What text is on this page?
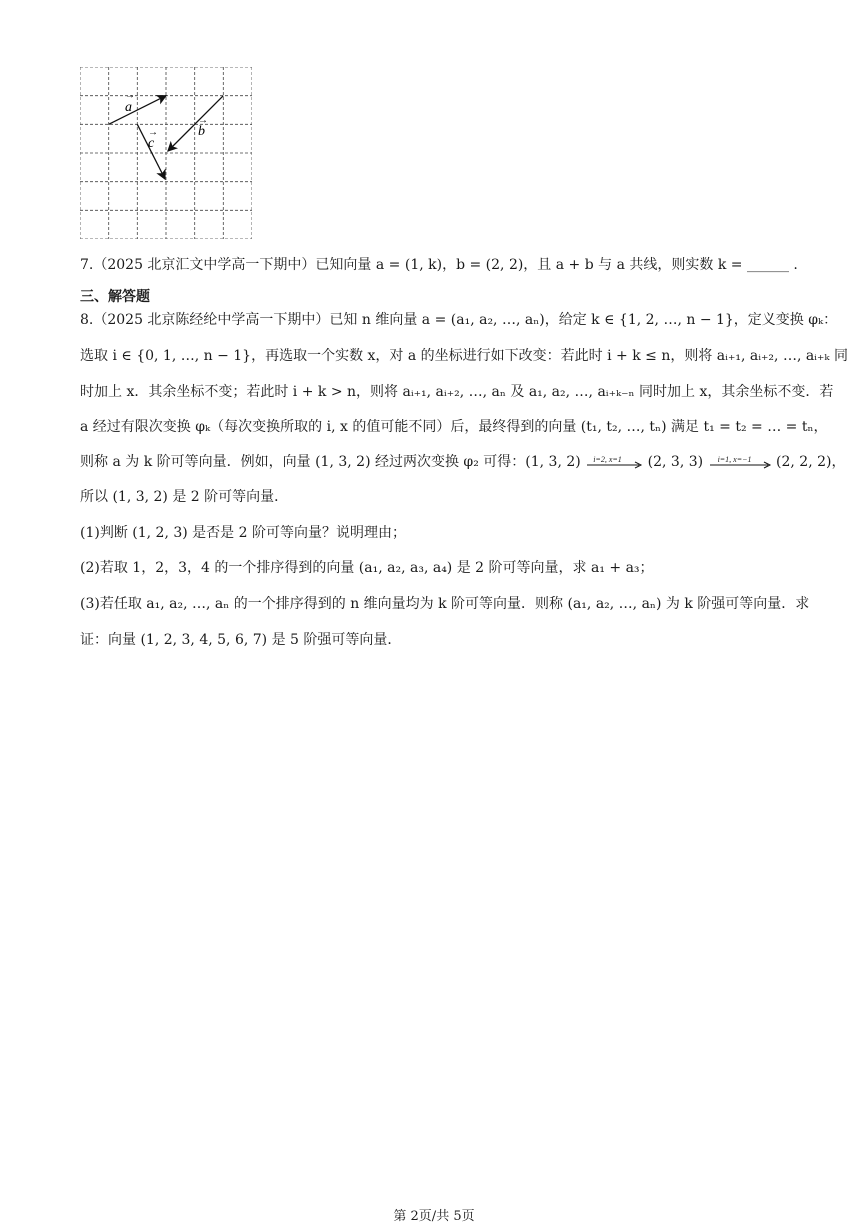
a
→
b
→
c
→
7.（2025 北京汇文中学高一下期中）已知向量 a = (1, k)，b = (2, 2)，且 a + b 与 a 共线，则实数 k = ______ .
三、解答题
8.（2025 北京陈经纶中学高一下期中）已知 n 维向量 a = (a₁, a₂, …, aₙ)，给定 k ∈ {1, 2, …, n − 1}，定义变换 φₖ：
选取 i ∈ {0, 1, …, n − 1}，再选取一个实数 x，对 a 的坐标进行如下改变：若此时 i + k ≤ n，则将 aᵢ₊₁, aᵢ₊₂, …, aᵢ₊ₖ 同
时加上 x．其余坐标不变；若此时 i + k > n，则将 aᵢ₊₁, aᵢ₊₂, …, aₙ 及 a₁, a₂, …, aᵢ₊ₖ₋ₙ 同时加上 x，其余坐标不变．若
a 经过有限次变换 φₖ（每次变换所取的 i, x 的值可能不同）后，最终得到的向量 (t₁, t₂, …, tₙ) 满足 t₁ = t₂ = … = tₙ，
则称 a 为 k 阶可等向量．例如，向量 (1, 3, 2) 经过两次变换 φ₂ 可得：(1, 3, 2) i=2, x=1 (2, 3, 3) i=1, x=−1 (2, 2, 2)，
所以 (1, 3, 2) 是 2 阶可等向量．
(1)判断 (1, 2, 3) 是否是 2 阶可等向量？说明理由；
(2)若取 1，2，3，4 的一个排序得到的向量 (a₁, a₂, a₃, a₄) 是 2 阶可等向量，求 a₁ + a₃；
(3)若任取 a₁, a₂, …, aₙ 的一个排序得到的 n 维向量均为 k 阶可等向量．则称 (a₁, a₂, …, aₙ) 为 k 阶强可等向量．求
证：向量 (1, 2, 3, 4, 5, 6, 7) 是 5 阶强可等向量．
第 2页/共 5页
